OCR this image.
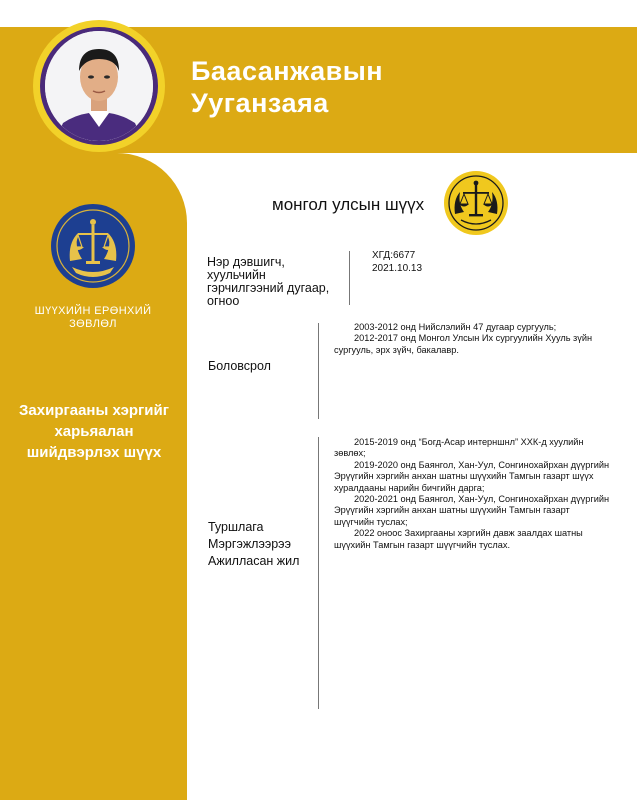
Баасанжавын
Ууганзаяа
ШҮҮХИЙН ЕРӨНХИЙ ЗӨВЛӨЛ
Захиргааны хэргийг харьяалан шийдвэрлэх шүүх
монгол улсын шүүх
Нэр дэвшигч, хуульчийн гэрчилгээний дугаар, огноо
ХГД:6677
2021.10.13
Боловсрол

2003-2012 онд Нийслэлийн 47 дугаар сургууль;

2012-2017 онд Монгол Улсын Их сургуулийн Хууль зүйн сургууль, эрх зүйч, бакалавр.

Туршлага
Мэргэжлээрээ
Ажилласан жил

2015-2019 онд “Богд-Асар интерншнл” ХХК-д хуулийн зөвлөх;

2019-2020 онд Баянгол, Хан-Уул, Сонгинохайрхан дүүргийн Эрүүгийн хэргийн анхан шатны шүүхийн Тамгын газарт шүүх хуралдааны нарийн бичгийн дарга;

2020-2021 онд Баянгол, Хан-Уул, Сонгинохайрхан дүүргийн Эрүүгийн хэргийн анхан шатны шүүхийн Тамгын газарт шүүгчийн туслах;

2022 оноос Захиргааны хэргийн давж заалдах шатны шүүхийн Тамгын газарт шүүгчийн туслах.
